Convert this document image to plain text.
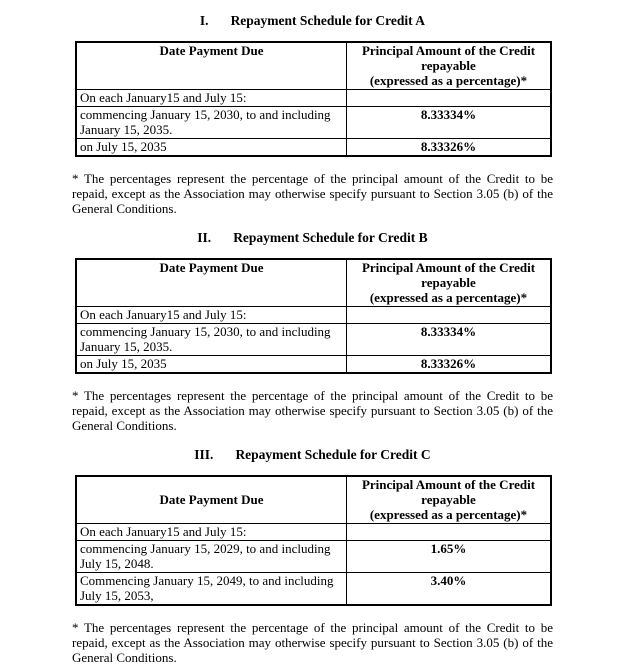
I. Repayment Schedule for Credit A
Date Payment Due	Principal Amount of the Credit
repayable
(expressed as a percentage)*

On each January15 and July 15:	
commencing January 15, 2030, to and including January 15, 2035.	8.33334%
on July 15, 2035	8.33326%

* The percentages represent the percentage of the principal amount of the Credit to be repaid, except as the Association may otherwise specify pursuant to Section 3.05 (b) of the General Conditions.

II. Repayment Schedule for Credit B
Date Payment Due	Principal Amount of the Credit
repayable
(expressed as a percentage)*

On each January15 and July 15:	
commencing January 15, 2030, to and including January 15, 2035.	8.33334%
on July 15, 2035	8.33326%

* The percentages represent the percentage of the principal amount of the Credit to be repaid, except as the Association may otherwise specify pursuant to Section 3.05 (b) of the General Conditions.

III. Repayment Schedule for Credit C
Date Payment Due	Principal Amount of the Credit
repayable
(expressed as a percentage)*

On each January15 and July 15:	
commencing January 15, 2029, to and including July 15, 2048.	1.65%
Commencing January 15, 2049, to and including July 15, 2053,	3.40%

* The percentages represent the percentage of the principal amount of the Credit to be repaid, except as the Association may otherwise specify pursuant to Section 3.05 (b) of the General Conditions.
